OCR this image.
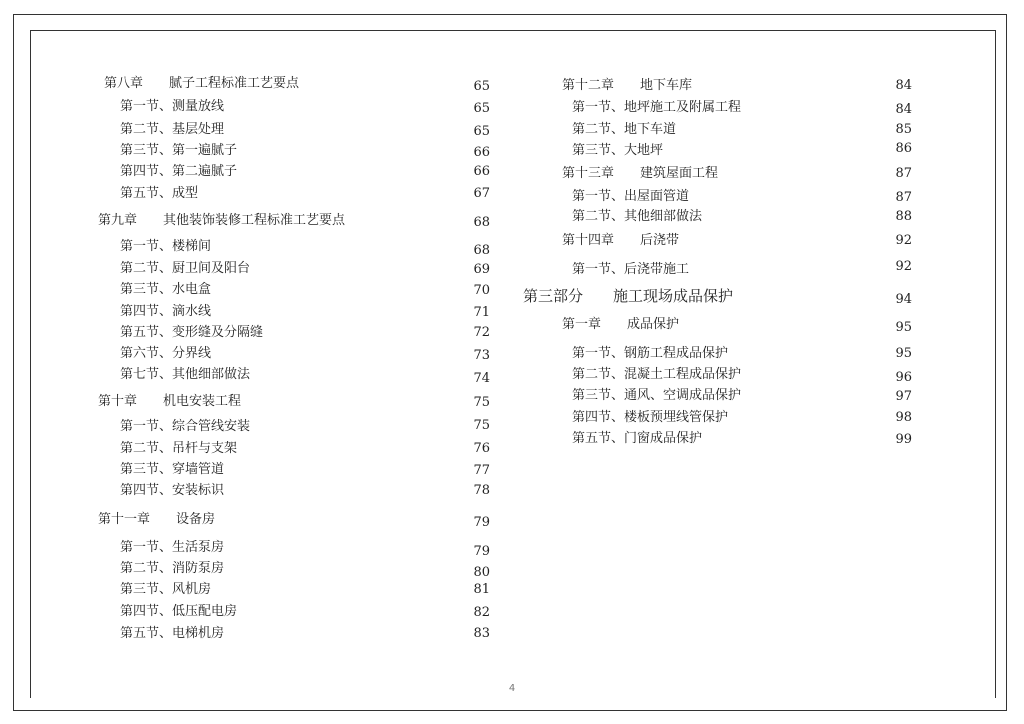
第八章　　腻子工程标准工艺要点	65
第一节、测量放线	65
第二节、基层处理	65
第三节、第一遍腻子	66
第四节、第二遍腻子	66
第五节、成型	67
第九章　　其他装饰装修工程标准工艺要点	68
第一节、楼梯间	68
第二节、厨卫间及阳台	69
第三节、水电盒	70
第四节、滴水线	71
第五节、变形缝及分隔缝	72
第六节、分界线	73
第七节、其他细部做法	74
第十章　　机电安装工程	75
第一节、综合管线安装	75
第二节、吊杆与支架	76
第三节、穿墙管道	77
第四节、安装标识	78
第十一章　　设备房	79
第一节、生活泵房	79
第二节、消防泵房	80
第三节、风机房	81
第四节、低压配电房	82
第五节、电梯机房	83
第十二章　　地下车库	84
第一节、地坪施工及附属工程	84
第二节、地下车道	85
第三节、大地坪	86
第十三章　　建筑屋面工程	87
第一节、出屋面管道	87
第二节、其他细部做法	88
第十四章　　后浇带	92
第一节、后浇带施工	92
第三部分　　施工现场成品保护	94
第一章　　成品保护	95
第一节、钢筋工程成品保护	95
第二节、混凝土工程成品保护	96
第三节、通风、空调成品保护	97
第四节、楼板预埋线管保护	98
第五节、门窗成品保护	99
4
